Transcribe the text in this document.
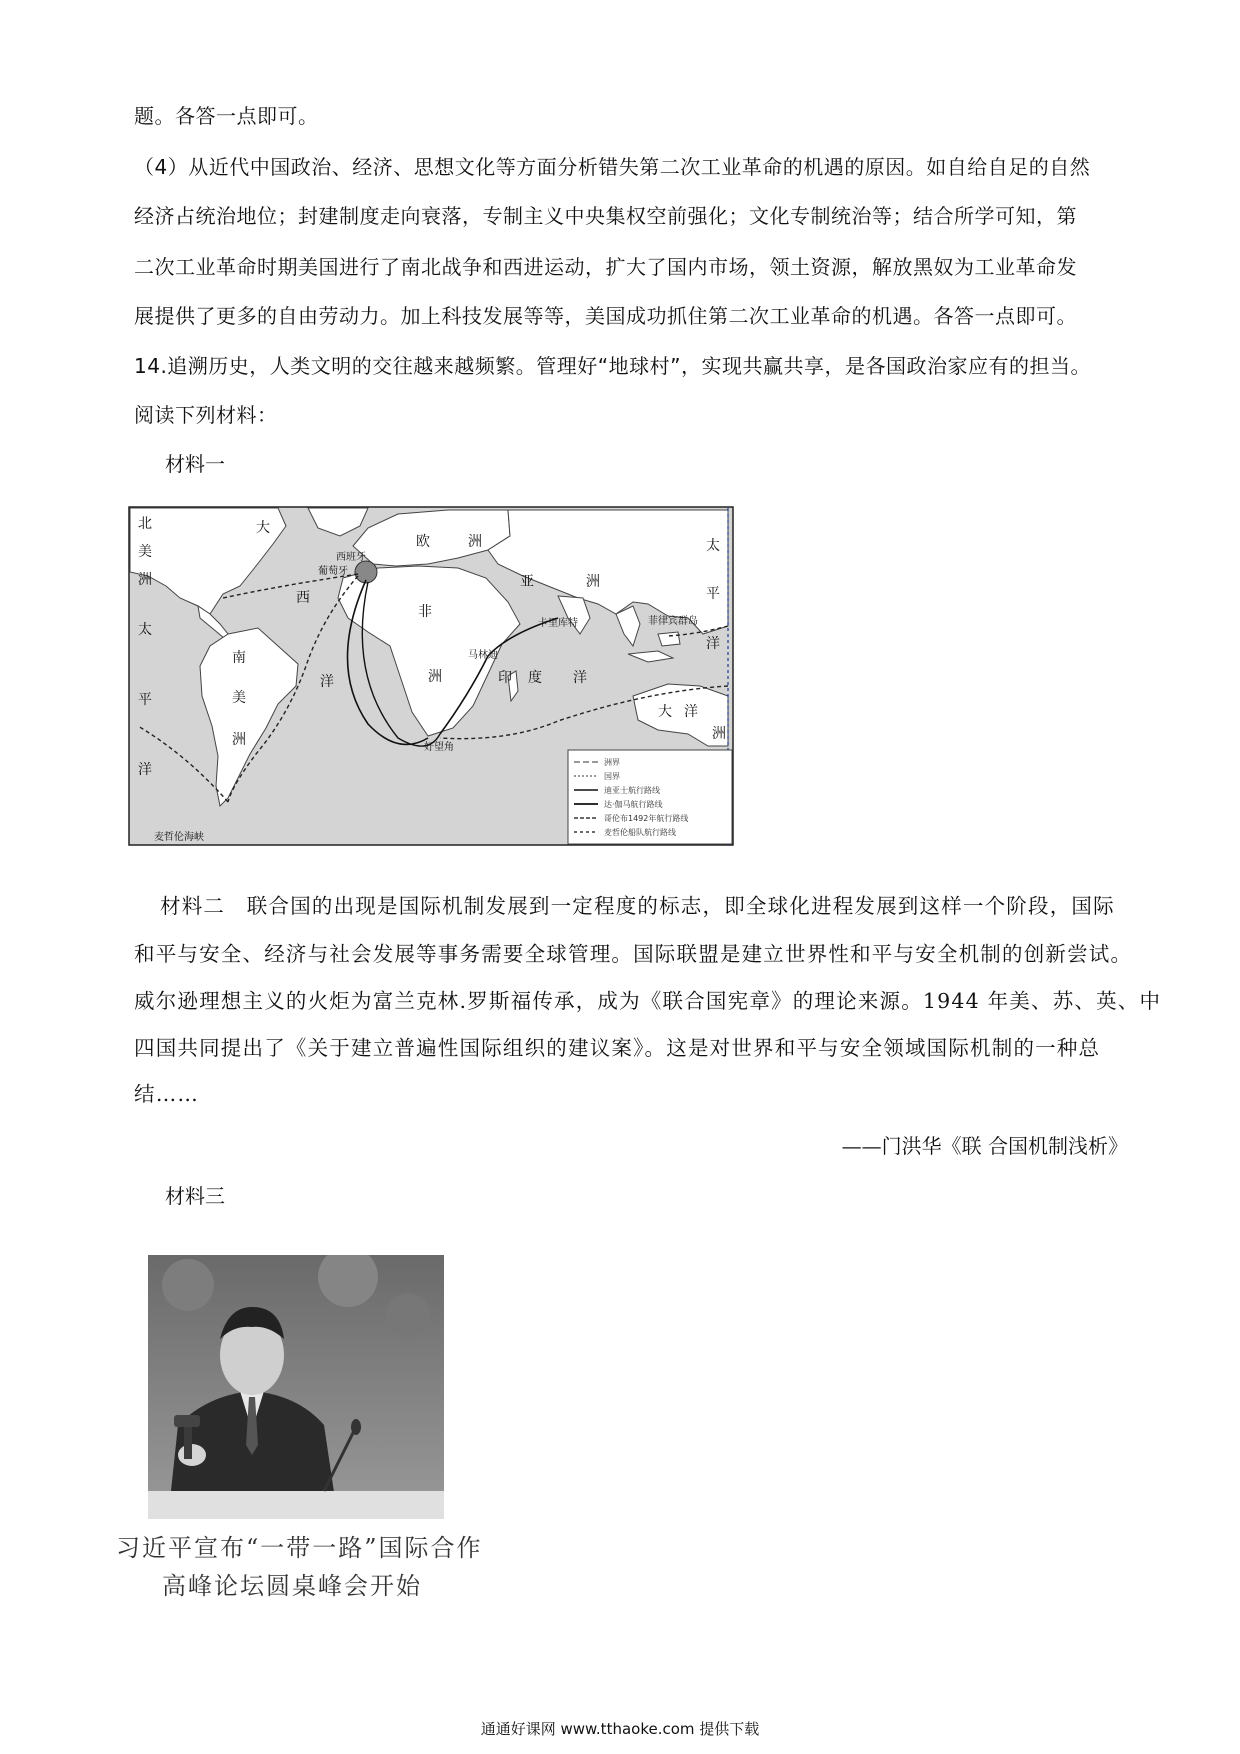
题。各答一点即可。
（4）从近代中国政治、经济、思想文化等方面分析错失第二次工业革命的机遇的原因。如自给自足的自然
经济占统治地位；封建制度走向衰落，专制主义中央集权空前强化；文化专制统治等；结合所学可知，第
二次工业革命时期美国进行了南北战争和西进运动，扩大了国内市场，领土资源，解放黑奴为工业革命发
展提供了更多的自由劳动力。加上科技发展等等，美国成功抓住第二次工业革命的机遇。各答一点即可。
14.追溯历史，人类文明的交往越来越频繁。管理好“地球村”，实现共赢共享，是各国政治家应有的担当。
阅读下列材料：
材料一
北
美
洲
大
西
洋
欧	洲
亚	洲
非
洲
南
美
洲
印 度 洋
太
平
洋
太
平
洋
大 洋
洲
西班牙
葡萄牙
马林迪
卡里库特	菲律宾群岛
好望角
麦哲伦海峡
洲界
国界
迪亚士航行路线
达·伽马航行路线
哥伦布1492年航行路线
麦哲伦船队航行路线
材料二　联合国的出现是国际机制发展到一定程度的标志，即全球化进程发展到这样一个阶段，国际
和平与安全、经济与社会发展等事务需要全球管理。国际联盟是建立世界性和平与安全机制的创新尝试。
威尔逊理想主义的火炬为富兰克林.罗斯福传承，成为《联合国宪章》的理论来源。1944 年美、苏、英、中
四国共同提出了《关于建立普遍性国际组织的建议案》。这是对世界和平与安全领域国际机制的一种总
结……
——门洪华《联 合国机制浅析》
材料三
习近平宣布“一带一路”国际合作
高峰论坛圆桌峰会开始
通通好课网 www.tthaoke.com 提供下载
